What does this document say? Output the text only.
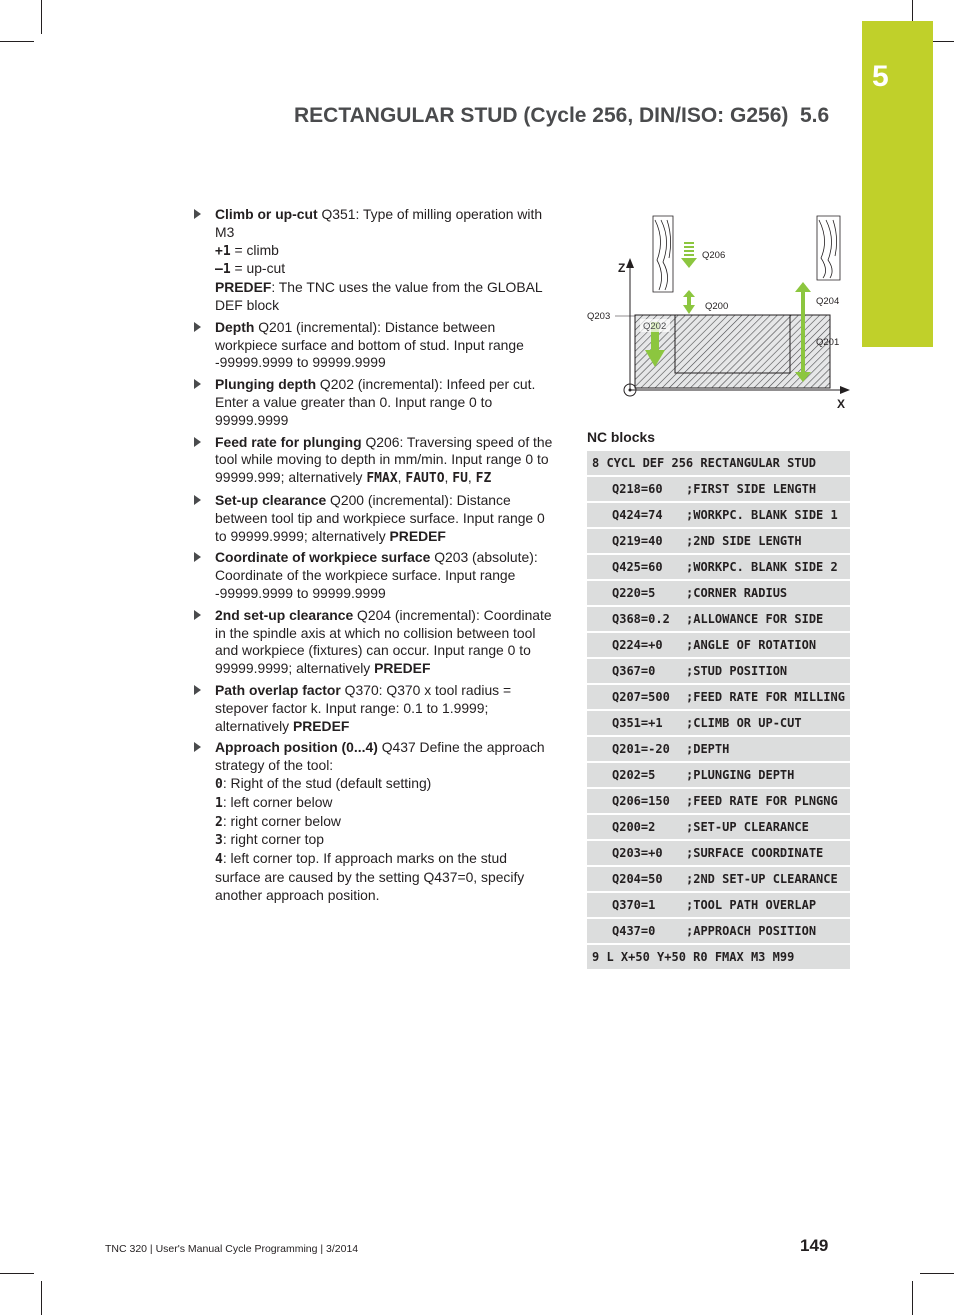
5
RECTANGULAR STUD (Cycle 256, DIN/ISO: G256) 5.6
Climb or up-cut Q351: Type of milling operation with M3
+1 = climb
–1 = up-cut
PREDEF: The TNC uses the value from the GLOBAL DEF block
Depth Q201 (incremental): Distance between workpiece surface and bottom of stud. Input range -99999.9999 to 99999.9999
Plunging depth Q202 (incremental): Infeed per cut. Enter a value greater than 0. Input range 0 to 99999.9999
Feed rate for plunging Q206: Traversing speed of the tool while moving to depth in mm/min. Input range 0 to 99999.999; alternatively FMAX, FAUTO, FU, FZ
Set-up clearance Q200 (incremental): Distance between tool tip and workpiece surface. Input range 0 to 99999.9999; alternatively PREDEF
Coordinate of workpiece surface Q203 (absolute): Coordinate of the workpiece surface. Input range -99999.9999 to 99999.9999
2nd set-up clearance Q204 (incremental): Coordinate in the spindle axis at which no collision between tool and workpiece (fixtures) can occur. Input range 0 to 99999.9999; alternatively PREDEF
Path overlap factor Q370: Q370 x tool radius = stepover factor k. Input range: 0.1 to 1.9999; alternatively PREDEF
Approach position (0...4) Q437 Define the approach strategy of the tool:
0: Right of the stud (default setting)
1: left corner below
2: right corner below
3: right corner top
4: left corner top. If approach marks on the stud surface are caused by the setting Q437=0, specify another approach position.
Z
X
Q206
Q200
Q202
Q203
Q204
Q201
NC blocks
8 CYCL DEF 256 RECTANGULAR STUD	
Q218=60	;FIRST SIDE LENGTH
Q424=74	;WORKPC. BLANK SIDE 1
Q219=40	;2ND SIDE LENGTH
Q425=60	;WORKPC. BLANK SIDE 2
Q220=5	;CORNER RADIUS
Q368=0.2	;ALLOWANCE FOR SIDE
Q224=+0	;ANGLE OF ROTATION
Q367=0	;STUD POSITION
Q207=500	;FEED RATE FOR MILLING
Q351=+1	;CLIMB OR UP-CUT
Q201=-20	;DEPTH
Q202=5	;PLUNGING DEPTH
Q206=150	;FEED RATE FOR PLNGNG
Q200=2	;SET-UP CLEARANCE
Q203=+0	;SURFACE COORDINATE
Q204=50	;2ND SET-UP CLEARANCE
Q370=1	;TOOL PATH OVERLAP
Q437=0	;APPROACH POSITION
9 L X+50 Y+50 R0 FMAX M3 M99	
TNC 320 | User's Manual Cycle Programming | 3/2014	149
